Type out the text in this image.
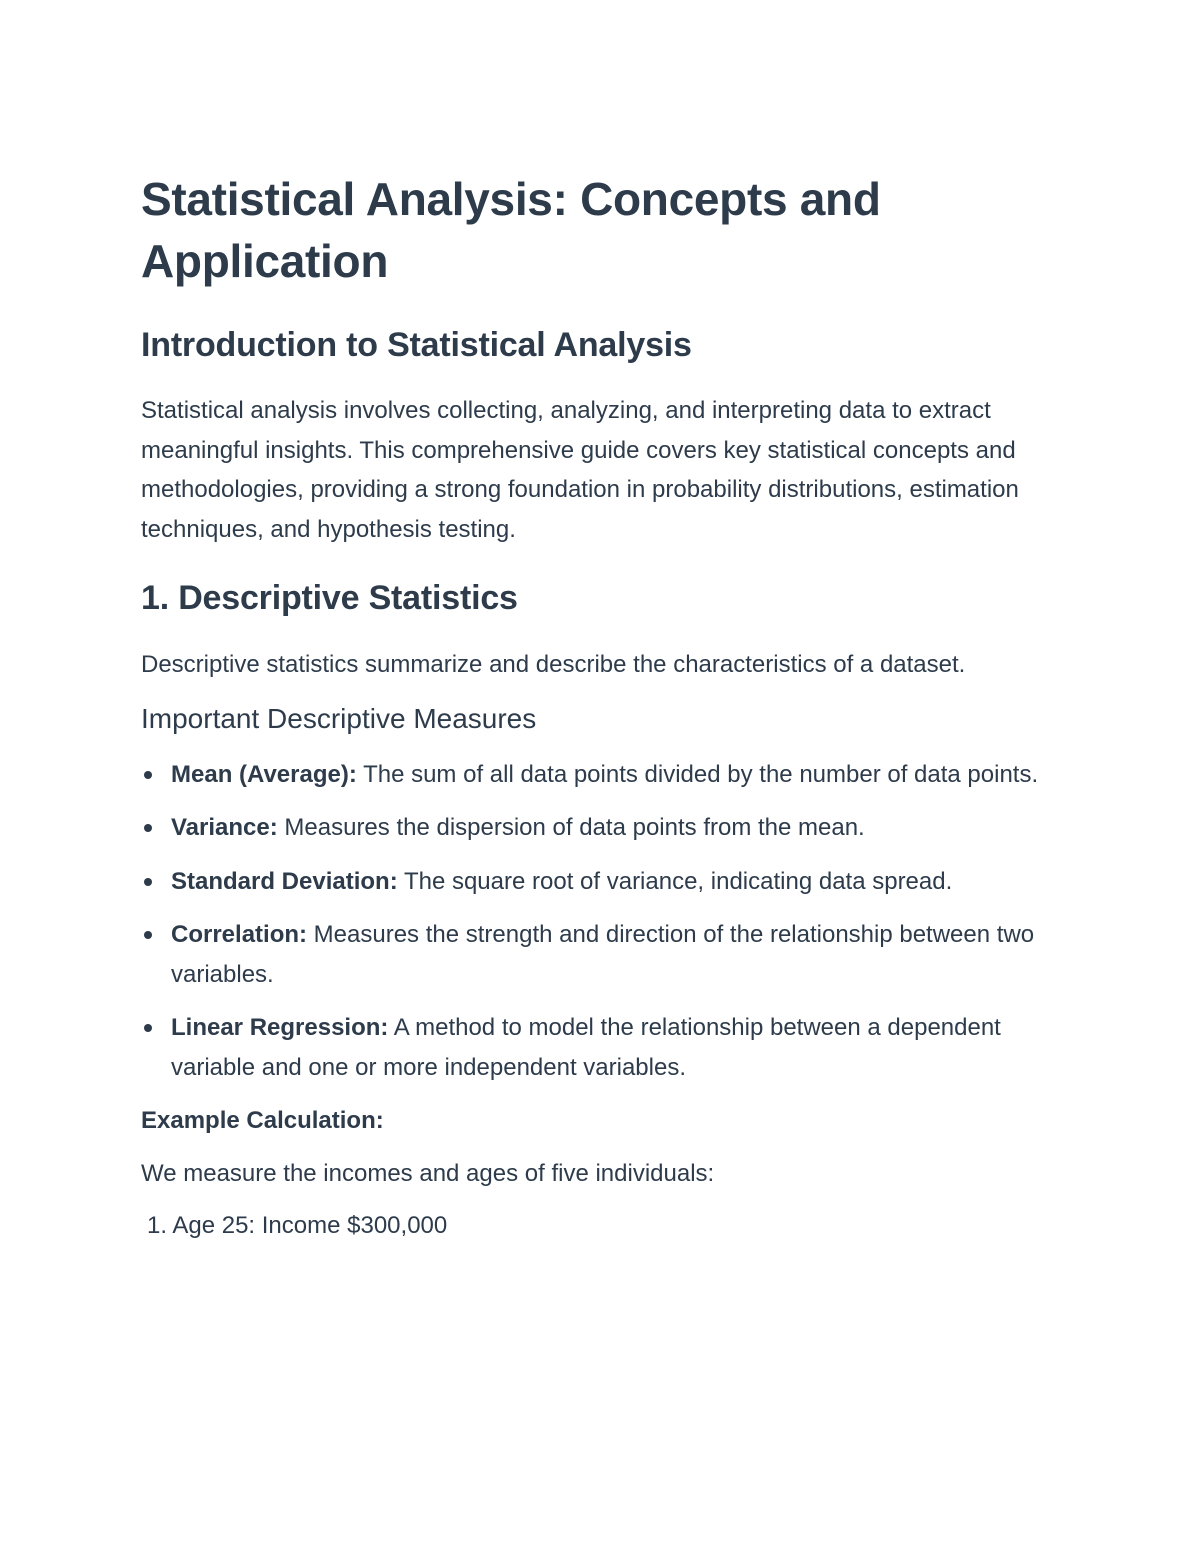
Statistical Analysis: Concepts and Application
Introduction to Statistical Analysis

Statistical analysis involves collecting, analyzing, and interpreting data to extract meaningful insights. This comprehensive guide covers key statistical concepts and methodologies, providing a strong foundation in probability distributions, estimation techniques, and hypothesis testing.

1. Descriptive Statistics

Descriptive statistics summarize and describe the characteristics of a dataset.

Important Descriptive Measures
Mean (Average): The sum of all data points divided by the number of data points.
Variance: Measures the dispersion of data points from the mean.
Standard Deviation: The square root of variance, indicating data spread.
Correlation: Measures the strength and direction of the relationship between two variables.
Linear Regression: A method to model the relationship between a dependent variable and one or more independent variables.

Example Calculation:

We measure the incomes and ages of five individuals:

1. Age 25: Income $300,000
